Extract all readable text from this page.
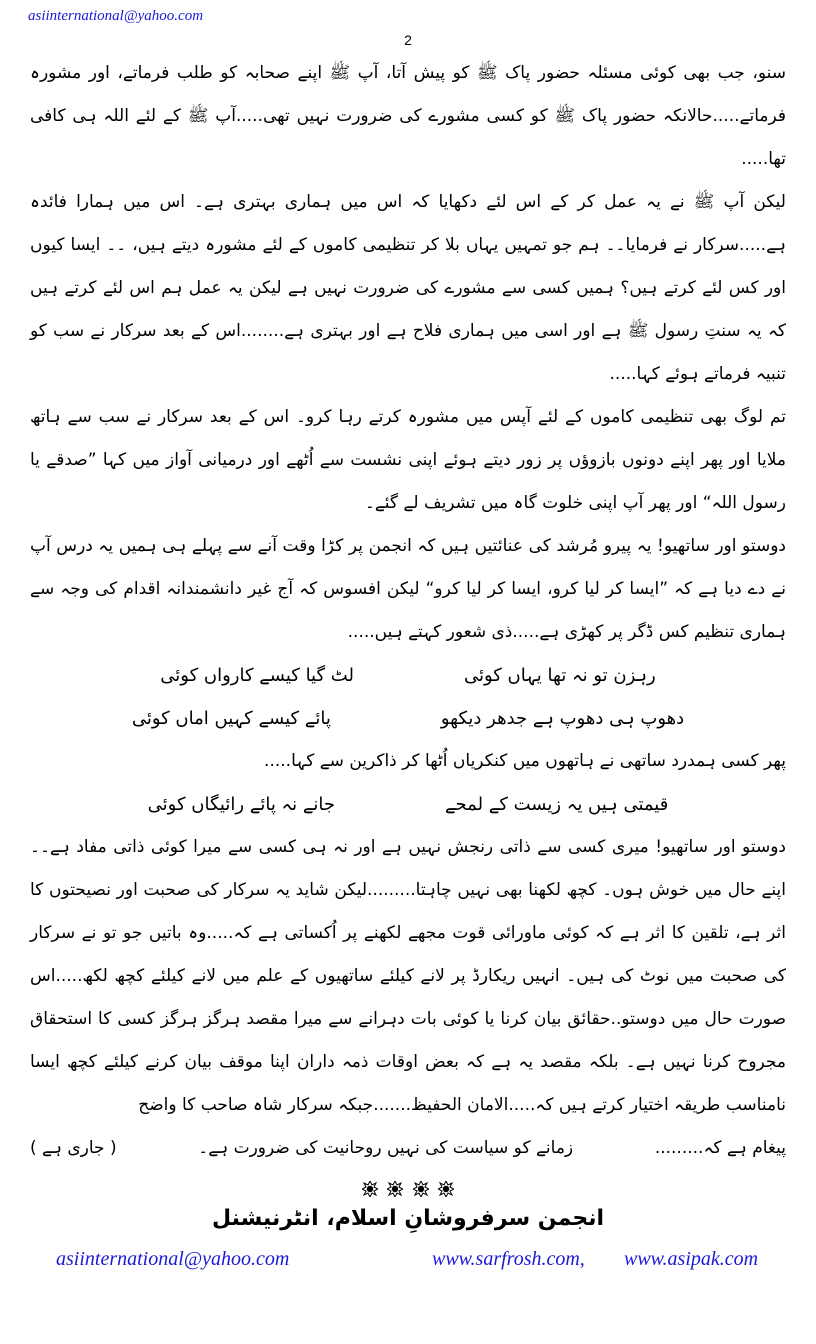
asiinternational@yahoo.com
2

سنو، جب بھی کوئی مسئلہ حضور پاک ﷺ کو پیش آتا، آپ ﷺ اپنے صحابہ کو طلب فرماتے، اور مشورہ فرماتے.....حالانکہ حضور پاک ﷺ کو کسی مشورے کی ضرورت نہیں تھی.....آپ ﷺ کے لئے اللہ ہی کافی تھا.....

لیکن آپ ﷺ نے یہ عمل کر کے اس لئے دکھایا کہ اس میں ہماری بہتری ہے۔ اس میں ہمارا فائدہ ہے.....سرکار نے فرمایا۔۔ ہم جو تمہیں یہاں بلا کر تنظیمی کاموں کے لئے مشورہ دیتے ہیں، ۔۔ ایسا کیوں اور کس لئے کرتے ہیں؟ ہمیں کسی سے مشورے کی ضرورت نہیں ہے لیکن یہ عمل ہم اس لئے کرتے ہیں کہ یہ سنتِ رسول ﷺ ہے اور اسی میں ہماری فلاح ہے اور بہتری ہے........اس کے بعد سرکار نے سب کو تنبیہ فرماتے ہوئے کہا.....

تم لوگ بھی تنظیمی کاموں کے لئے آپس میں مشورہ کرتے رہا کرو۔ اس کے بعد سرکار نے سب سے ہاتھ ملایا اور پھر اپنے دونوں بازوؤں پر زور دیتے ہوئے اپنی نشست سے اُٹھے اور درمیانی آواز میں کہا ”صدقے یا رسول اللہ“ اور پھر آپ اپنی خلوت گاہ میں تشریف لے گئے۔

دوستو اور ساتھیو! یہ پیرو مُرشد کی عنائتیں ہیں کہ انجمن پر کڑا وقت آنے سے پہلے ہی ہمیں یہ درس آپ نے دے دیا ہے کہ ”ایسا کر لیا کرو، ایسا کر لیا کرو“ لیکن افسوس کہ آج غیر دانشمندانہ اقدام کی وجہ سے ہماری تنظیم کس ڈگر پر کھڑی ہے.....ذی شعور کہتے ہیں.....

رہزن تو نہ تھا یہاں کوئی
لٹ گیا کیسے کارواں کوئی
دھوپ ہی دھوپ ہے جدھر دیکھو
پائے کیسے کہیں اماں کوئی

پھر کسی ہمدرد ساتھی نے ہاتھوں میں کنکریاں اُٹھا کر ذاکرین سے کہا.....

قیمتی ہیں یہ زیست کے لمحے
جانے نہ پائے رائیگاں کوئی

دوستو اور ساتھیو! میری کسی سے ذاتی رنجش نہیں ہے اور نہ ہی کسی سے میرا کوئی ذاتی مفاد ہے۔۔ اپنے حال میں خوش ہوں۔ کچھ لکھنا بھی نہیں چاہتا.........لیکن شاید یہ سرکار کی صحبت اور نصیحتوں کا اثر ہے، تلقین کا اثر ہے کہ کوئی ماورائی قوت مجھے لکھنے پر اُکساتی ہے کہ.....وہ باتیں جو تو نے سرکار کی صحبت میں نوٹ کی ہیں۔ انہیں ریکارڈ پر لانے کیلئے ساتھیوں کے علم میں لانے کیلئے کچھ لکھ.....اس صورت حال میں دوستو..حقائق بیان کرنا یا کوئی بات دہرانے سے میرا مقصد ہرگز ہرگز کسی کا استحقاق مجروح کرنا نہیں ہے۔ بلکہ مقصد یہ ہے کہ بعض اوقات ذمہ داران اپنا موقف بیان کرنے کیلئے کچھ ایسا نامناسب طریقہ اختیار کرتے ہیں کہ.....الامان الحفیظ.......جبکہ سرکار شاہ صاحب کا واضح

پیغام ہے کہ.........
زمانے کو سیاست کی نہیں روحانیت کی ضرورت ہے۔
( جاری ہے )

انجمن سرفروشانِ اسلام، انٹرنیشنل
asiinternational@yahoo.com	www.sarfrosh.com, www.asipak.com
